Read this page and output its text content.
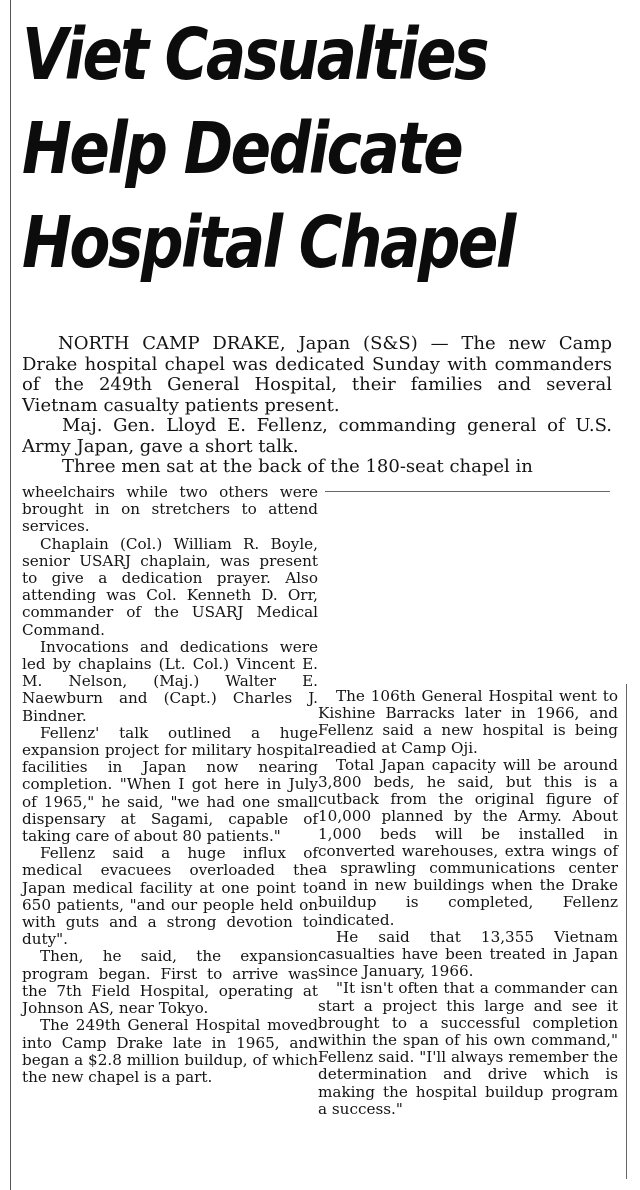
Viet Casualties
Help Dedicate
Hospital Chapel

NORTH CAMP DRAKE, Japan (S&S) — The new Camp Drake hospital chapel was dedicated Sunday with commanders of the 249th General Hospital, their families and several Vietnam casualty patients present.

Maj. Gen. Lloyd E. Fellenz, commanding general of U.S. Army Japan, gave a short talk.

Three men sat at the back of the 180-seat chapel in

wheelchairs while two others were brought in on stretchers to attend services.

Chaplain (Col.) William R. Boyle, senior USARJ chaplain, was present to give a dedication prayer. Also attending was Col. Kenneth D. Orr, commander of the USARJ Medical Command.

Invocations and dedications were led by chaplains (Lt. Col.) Vincent E. M. Nelson, (Maj.) Walter E. Naewburn and (Capt.) Charles J. Bindner.

Fellenz' talk outlined a huge expansion project for military hospital facilities in Japan now nearing completion. "When I got here in July of 1965," he said, "we had one small dispensary at Sagami, capable of taking care of about 80 patients."

Fellenz said a huge influx of medical evacuees overloaded the Japan medical facility at one point to 650 patients, "and our people held on with guts and a strong devotion to duty".

Then, he said, the expansion program began. First to arrive was the 7th Field Hospital, operating at Johnson AS, near Tokyo.

The 249th General Hospital moved into Camp Drake late in 1965, and began a $2.8 million buildup, of which the new chapel is a part.

The 106th General Hospital went to Kishine Barracks later in 1966, and Fellenz said a new hospital is being readied at Camp Oji.

Total Japan capacity will be around 3,800 beds, he said, but this is a cutback from the original figure of 10,000 planned by the Army. About 1,000 beds will be installed in converted warehouses, extra wings of a sprawling communications center and in new buildings when the Drake buildup is completed, Fellenz indicated.

He said that 13,355 Vietnam casualties have been treated in Japan since January, 1966.

"It isn't often that a commander can start a project this large and see it brought to a successful completion within the span of his own command," Fellenz said. "I'll always remember the determination and drive which is making the hospital buildup program a success."
